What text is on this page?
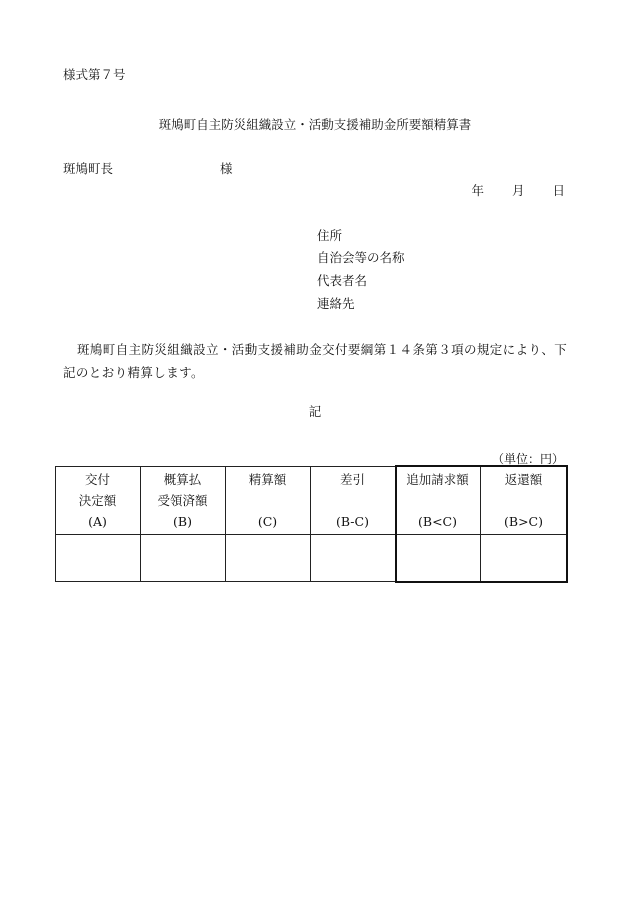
様式第７号
斑鳩町自主防災組織設立・活動支援補助金所要額精算書
斑鳩町長	様
年 月 日
住所
自治会等の名称
代表者名
連絡先
斑鳩町自主防災組織設立・活動支援補助金交付要綱第１４条第３項の規定により、下記のとおり精算します。
記
（単位：円）
交付
決定額
(A)
概算払
受領済額
(B)
精算額

(C)
差引

(B-C)
追加請求額

(B<C)
返還額

(B>C)
